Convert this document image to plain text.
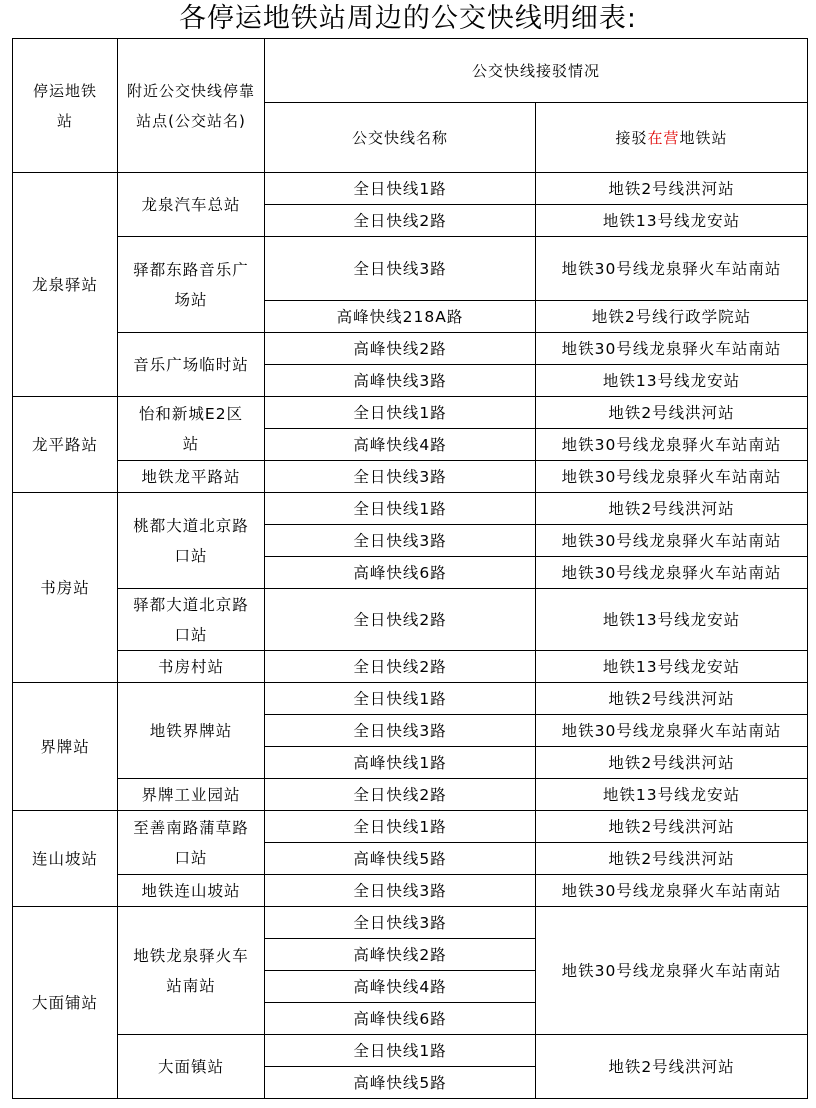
各停运地铁站周边的公交快线明细表:
停运地铁站	附近公交快线停靠站点(公交站名)	公交快线接驳情况	
		公交快线名称	接驳在营地铁站
龙泉驿站	龙泉汽车总站	全日快线1路	地铁2号线洪河站
		全日快线2路	地铁13号线龙安站
	驿都东路音乐广场站	全日快线3路	地铁30号线龙泉驿火车站南站
		高峰快线218A路	地铁2号线行政学院站
	音乐广场临时站	高峰快线2路	地铁30号线龙泉驿火车站南站
		高峰快线3路	地铁13号线龙安站
龙平路站	怡和新城E2区站	全日快线1路	地铁2号线洪河站
		高峰快线4路	地铁30号线龙泉驿火车站南站
	地铁龙平路站	全日快线3路	地铁30号线龙泉驿火车站南站
书房站	桃都大道北京路口站	全日快线1路	地铁2号线洪河站
		全日快线3路	地铁30号线龙泉驿火车站南站
		高峰快线6路	地铁30号线龙泉驿火车站南站
	驿都大道北京路口站	全日快线2路	地铁13号线龙安站
	书房村站	全日快线2路	地铁13号线龙安站
界牌站	地铁界牌站	全日快线1路	地铁2号线洪河站
		全日快线3路	地铁30号线龙泉驿火车站南站
		高峰快线1路	地铁2号线洪河站
	界牌工业园站	全日快线2路	地铁13号线龙安站
连山坡站	至善南路蒲草路口站	全日快线1路	地铁2号线洪河站
		高峰快线5路	地铁2号线洪河站
	地铁连山坡站	全日快线3路	地铁30号线龙泉驿火车站南站
大面铺站	地铁龙泉驿火车站南站	全日快线3路	地铁30号线龙泉驿火车站南站
		高峰快线2路	
		高峰快线4路	
		高峰快线6路	
	大面镇站	全日快线1路	地铁2号线洪河站
		高峰快线5路	
